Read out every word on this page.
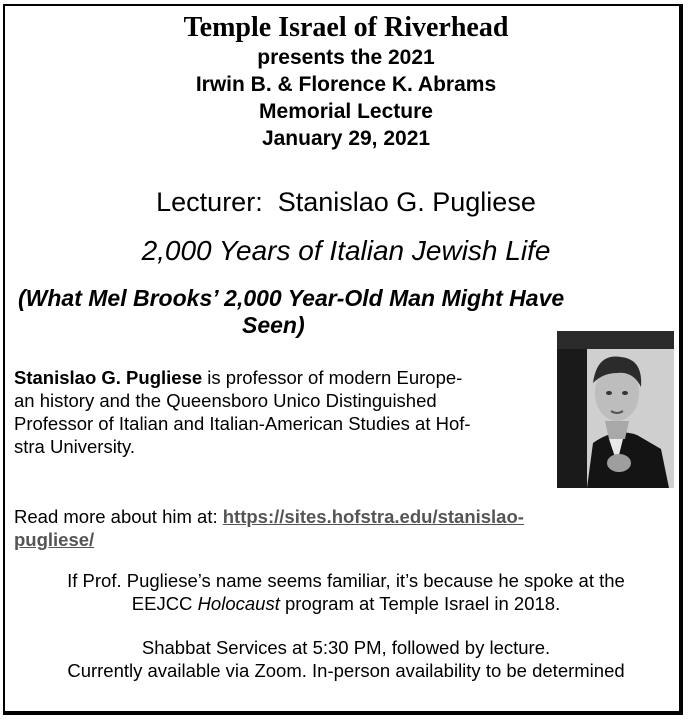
Temple Israel of Riverhead

presents the 2021

Irwin B. & Florence K. Abrams

Memorial Lecture

January 29, 2021

Lecturer:  Stanislao G. Pugliese

2,000 Years of Italian Jewish Life

(What Mel Brooks’ 2,000 Year-Old Man Might Have

Seen)

Stanislao G. Pugliese is professor of modern Europe-
an history and the Queensboro Unico Distinguished
Professor of Italian and Italian-American Studies at Hof-
stra University.

Read more about him at: https://sites.hofstra.edu/stanislao-
pugliese/

If Prof. Pugliese’s name seems familiar, it’s because he spoke at the

EEJCC Holocaust program at Temple Israel in 2018.

Shabbat Services at 5:30 PM, followed by lecture.

Currently available via Zoom. In-person availability to be determined
